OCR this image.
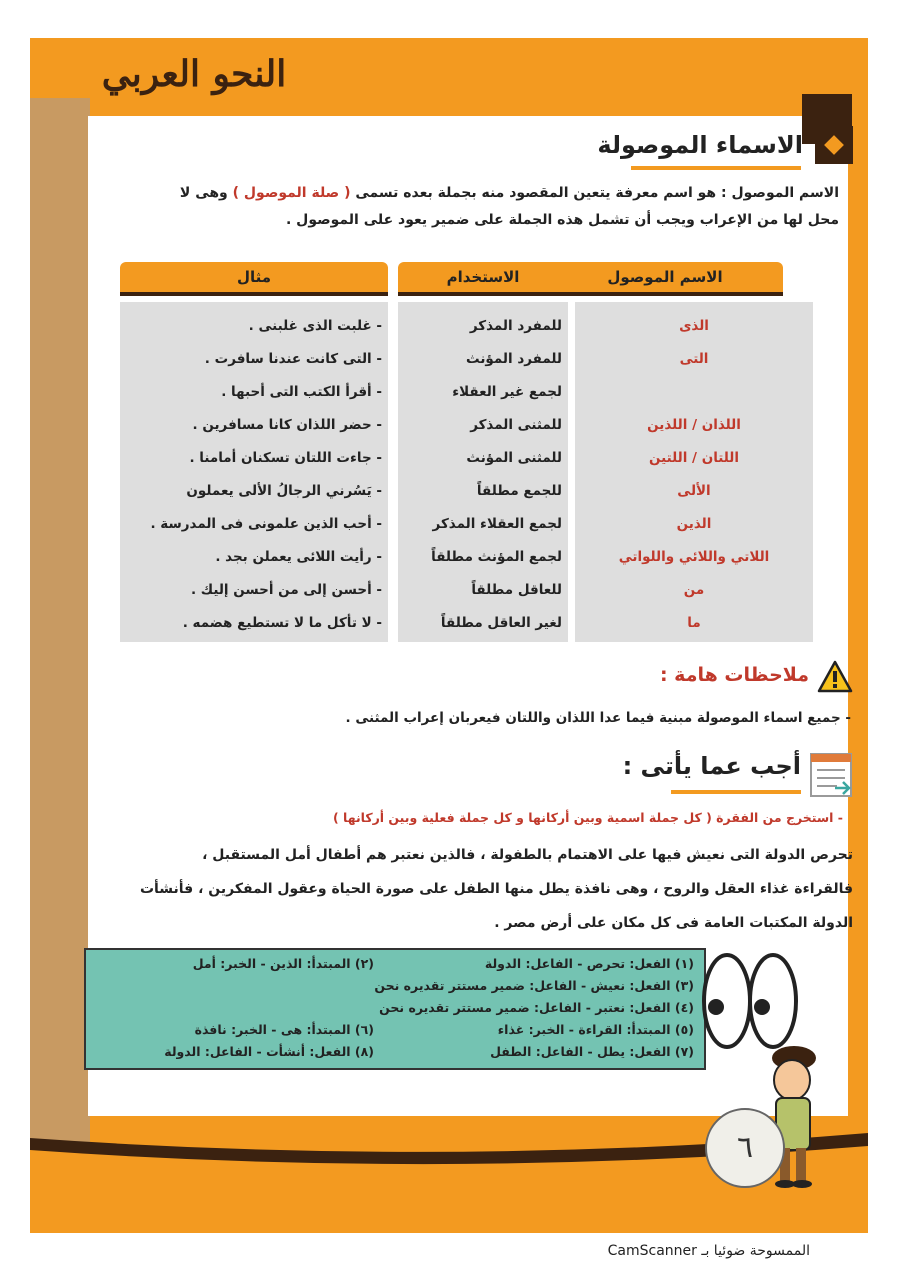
النحو العربي
الاسماء الموصولة
الاسم الموصول : هو اسم معرفة يتعين المقصود منه بجملة بعده تسمى ( صلة الموصول ) وهى لا
محل لها من الإعراب ويجب أن تشمل هذه الجملة على ضمير يعود على الموصول .
الاسم الموصول
الاستخدام
مثال
الذى
التى
اللذان / اللذين
اللتان / اللتين
الألى
الذين
اللاتي واللائي واللواتي
من
ما
للمفرد المذكر
للمفرد المؤنث
لجمع غير العقلاء
للمثنى المذكر
للمثنى المؤنث
للجمع مطلقاً
لجمع العقلاء المذكر
لجمع المؤنث مطلقاً
للعاقل مطلقاً
لغير العاقل مطلقاً
- غلبت الذى غلبنى .
- التى كانت عندنا سافرت .
- أقرأ الكتب التى أحبها .
- حضر اللذان كانا مسافرين .
- جاءت اللتان تسكنان أمامنا .
- يَسُرني الرجالُ الألى يعملون
- أحب الذين علمونى فى المدرسة .
- رأيت اللائى يعملن بجد .
- أحسن إلى من أحسن إليك .
- لا تأكل ما لا تستطيع هضمه .
ملاحظات هامة :
- جميع اسماء الموصولة مبنية فيما عدا اللذان واللتان فيعربان إعراب المثنى .
أجب عما يأتى :
- استخرج من الفقرة ( كل جملة اسمية وبين أركانها و كل جملة فعلية وبين أركانها )
تحرص الدولة التى نعيش فيها على الاهتمام بالطفولة ، فالذين نعتبر هم أطفال أمل المستقبل ،
فالقراءة غذاء العقل والروح ، وهى نافذة يطل منها الطفل على صورة الحياة وعقول المفكرين ، فأنشأت
الدولة المكتبات العامة فى كل مكان على أرض مصر .
(١) الفعل: تحرص - الفاعل: الدولة
(٢) المبتدأ: الذين - الخبر: أمل
(٣) الفعل: نعيش - الفاعل: ضمير مستتر تقديره نحن
(٤) الفعل: نعتبر - الفاعل: ضمير مستتر تقديره نحن
(٥) المبتدأ: القراءة - الخبر: غذاء
(٦) المبتدأ: هى - الخبر: نافذة
(٧) الفعل: يطل - الفاعل: الطفل
(٨) الفعل: أنشأت - الفاعل: الدولة
٦
الممسوحة ضوئيا بـ CamScanner
